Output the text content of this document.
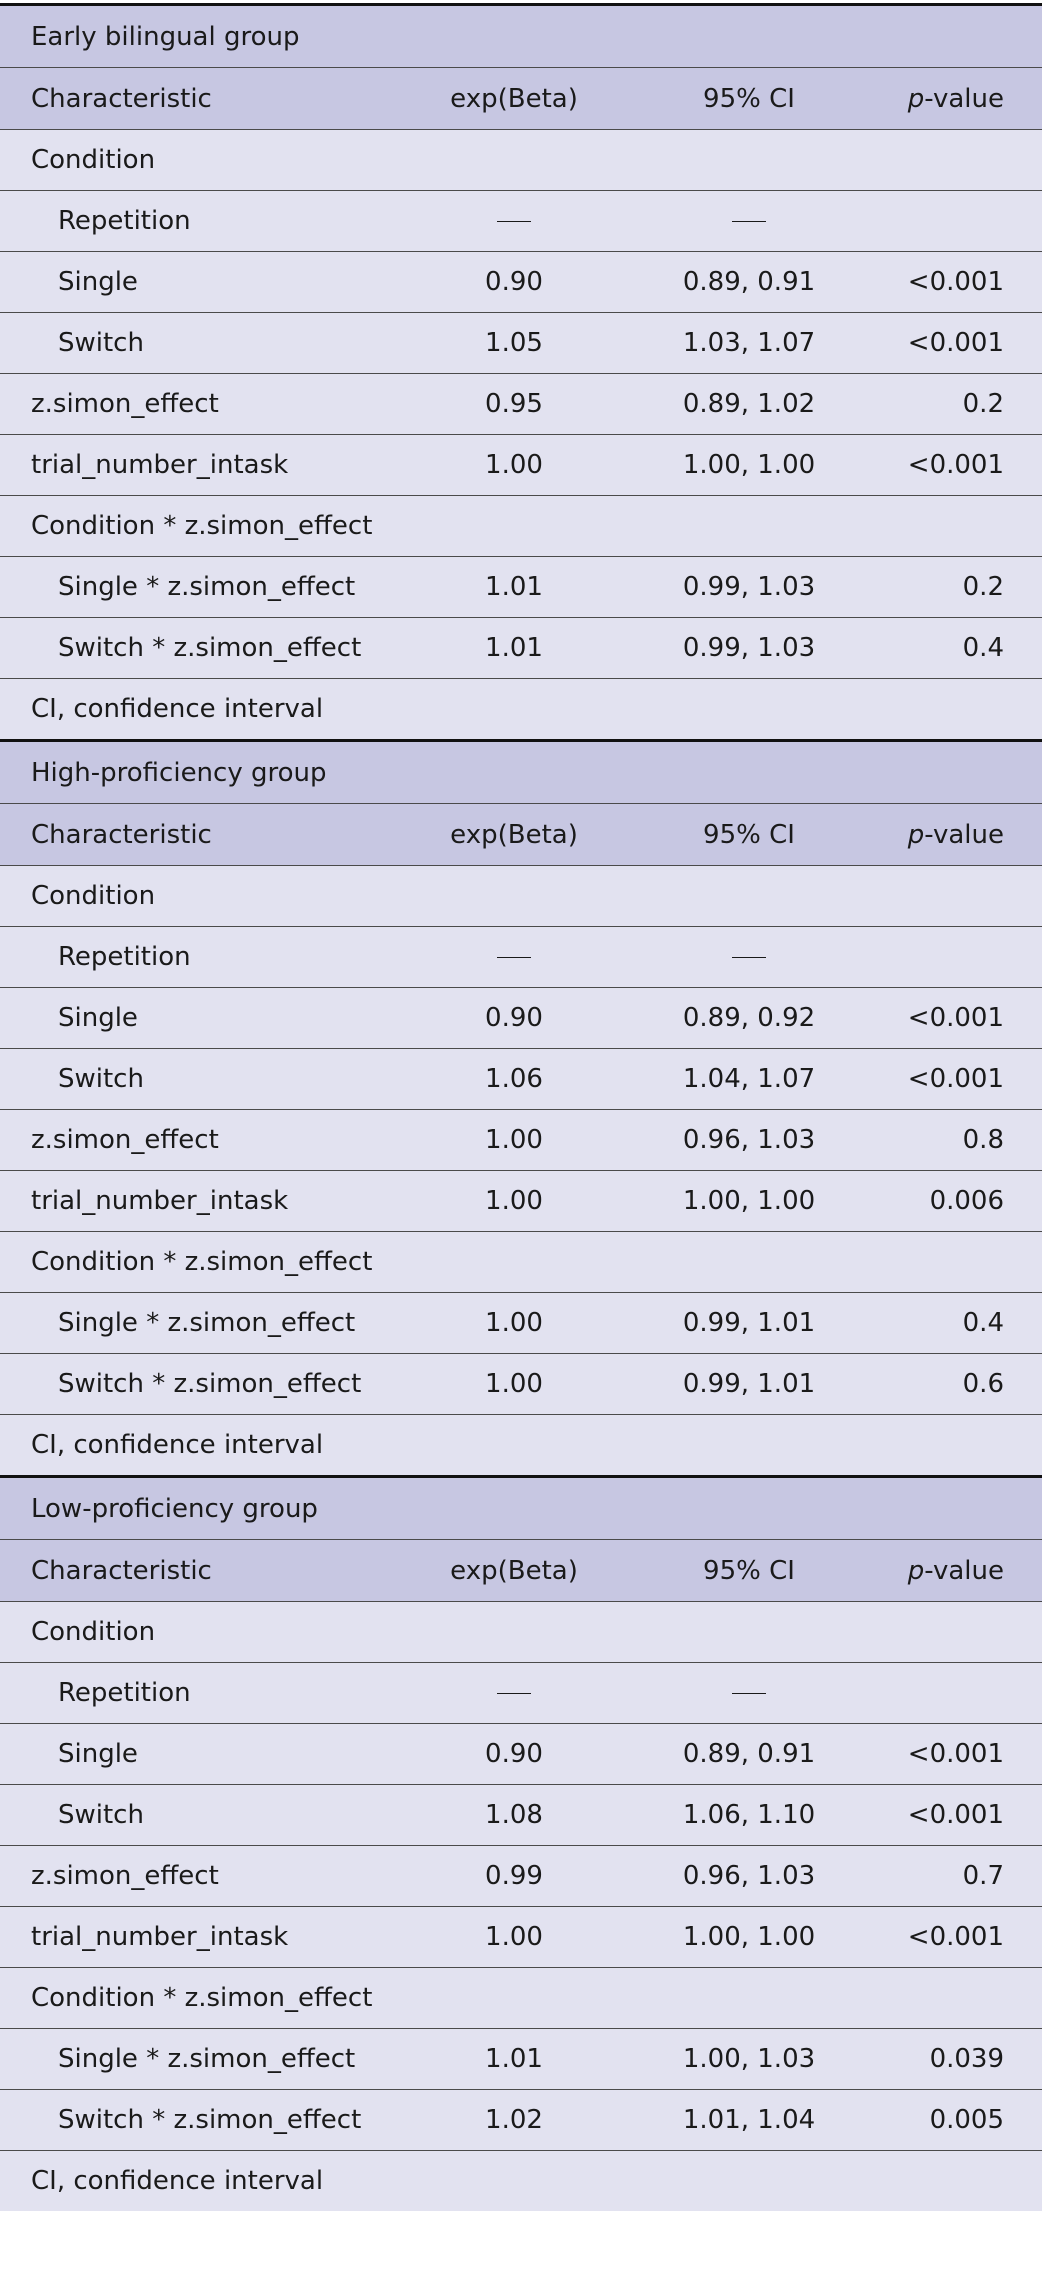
Early bilingual group
Characteristic	exp(Beta)	95% CI	p-value
Condition
Repetition
Single	0.90	0.89, 0.91	<0.001
Switch	1.05	1.03, 1.07	<0.001
z.simon_effect	0.95	0.89, 1.02	0.2
trial_number_intask	1.00	1.00, 1.00	<0.001
Condition * z.simon_effect
Single * z.simon_effect	1.01	0.99, 1.03	0.2
Switch * z.simon_effect	1.01	0.99, 1.03	0.4
CI, confidence interval
High-proficiency group
Characteristic	exp(Beta)	95% CI	p-value
Condition
Repetition
Single	0.90	0.89, 0.92	<0.001
Switch	1.06	1.04, 1.07	<0.001
z.simon_effect	1.00	0.96, 1.03	0.8
trial_number_intask	1.00	1.00, 1.00	0.006
Condition * z.simon_effect
Single * z.simon_effect	1.00	0.99, 1.01	0.4
Switch * z.simon_effect	1.00	0.99, 1.01	0.6
CI, confidence interval
Low-proficiency group
Characteristic	exp(Beta)	95% CI	p-value
Condition
Repetition
Single	0.90	0.89, 0.91	<0.001
Switch	1.08	1.06, 1.10	<0.001
z.simon_effect	0.99	0.96, 1.03	0.7
trial_number_intask	1.00	1.00, 1.00	<0.001
Condition * z.simon_effect
Single * z.simon_effect	1.01	1.00, 1.03	0.039
Switch * z.simon_effect	1.02	1.01, 1.04	0.005
CI, confidence interval
